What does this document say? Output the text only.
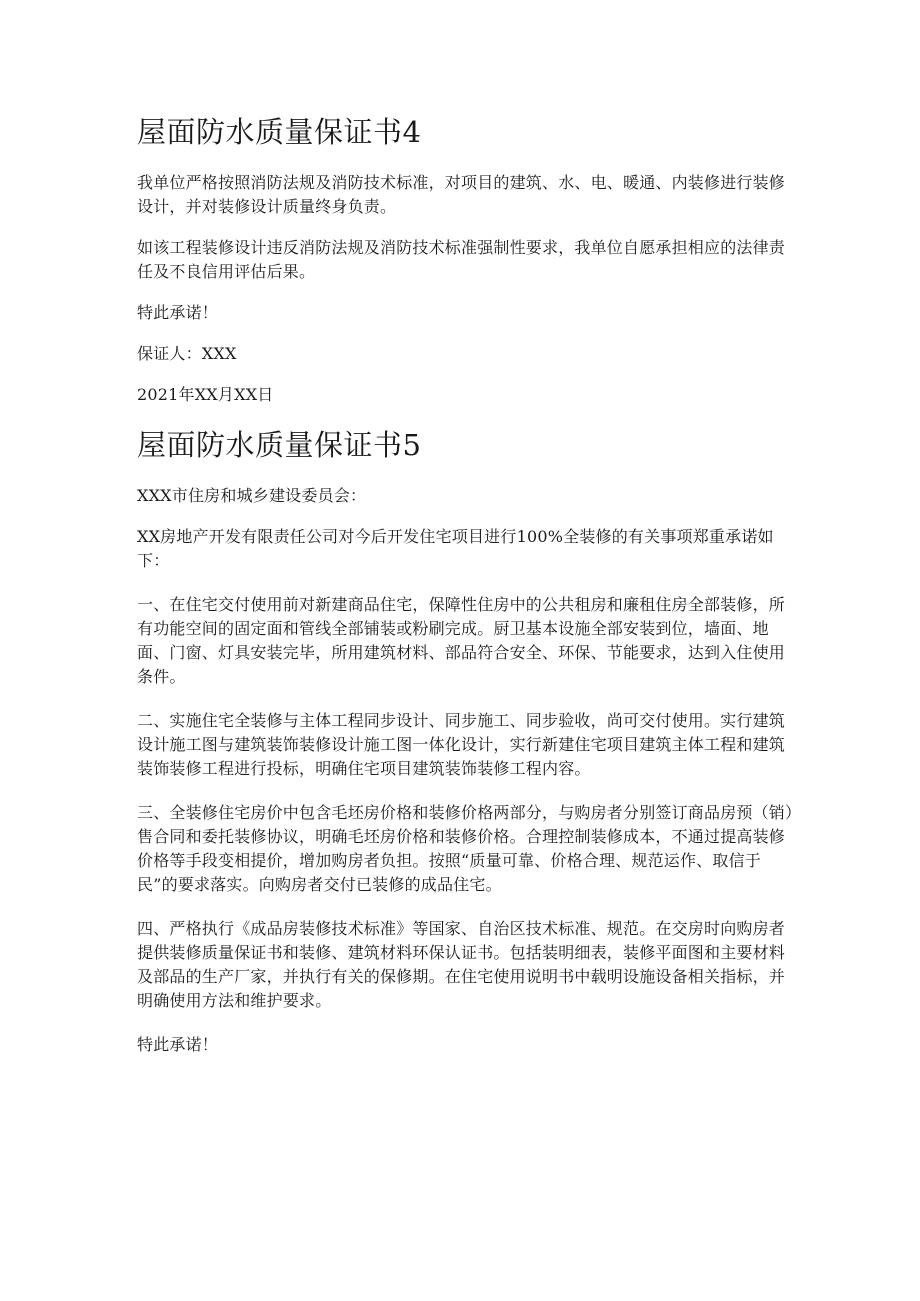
屋面防水质量保证书4

我单位严格按照消防法规及消防技术标准，对项目的建筑、水、电、暖通、内装修进行装修设计，并对装修设计质量终身负责。

如该工程装修设计违反消防法规及消防技术标准强制性要求，我单位自愿承担相应的法律责任及不良信用评估后果。

特此承诺！

保证人：XXX

2021年XX月XX日

屋面防水质量保证书5

XXX市住房和城乡建设委员会：

XX房地产开发有限责任公司对今后开发住宅项目进行100%全装修的有关事项郑重承诺如下：

一、在住宅交付使用前对新建商品住宅，保障性住房中的公共租房和廉租住房全部装修，所有功能空间的固定面和管线全部铺装或粉刷完成。厨卫基本设施全部安装到位，墙面、地面、门窗、灯具安装完毕，所用建筑材料、部品符合安全、环保、节能要求，达到入住使用条件。

二、实施住宅全装修与主体工程同步设计、同步施工、同步验收，尚可交付使用。实行建筑设计施工图与建筑装饰装修设计施工图一体化设计，实行新建住宅项目建筑主体工程和建筑装饰装修工程进行投标，明确住宅项目建筑装饰装修工程内容。

三、全装修住宅房价中包含毛坯房价格和装修价格两部分，与购房者分别签订商品房预（销）售合同和委托装修协议，明确毛坯房价格和装修价格。合理控制装修成本，不通过提高装修价格等手段变相提价，增加购房者负担。按照“质量可靠、价格合理、规范运作、取信于民”的要求落实。向购房者交付已装修的成品住宅。

四、严格执行《成品房装修技术标准》等国家、自治区技术标准、规范。在交房时向购房者提供装修质量保证书和装修、建筑材料环保认证书。包括装明细表，装修平面图和主要材料及部品的生产厂家，并执行有关的保修期。在住宅使用说明书中载明设施设备相关指标，并明确使用方法和维护要求。

特此承诺！
